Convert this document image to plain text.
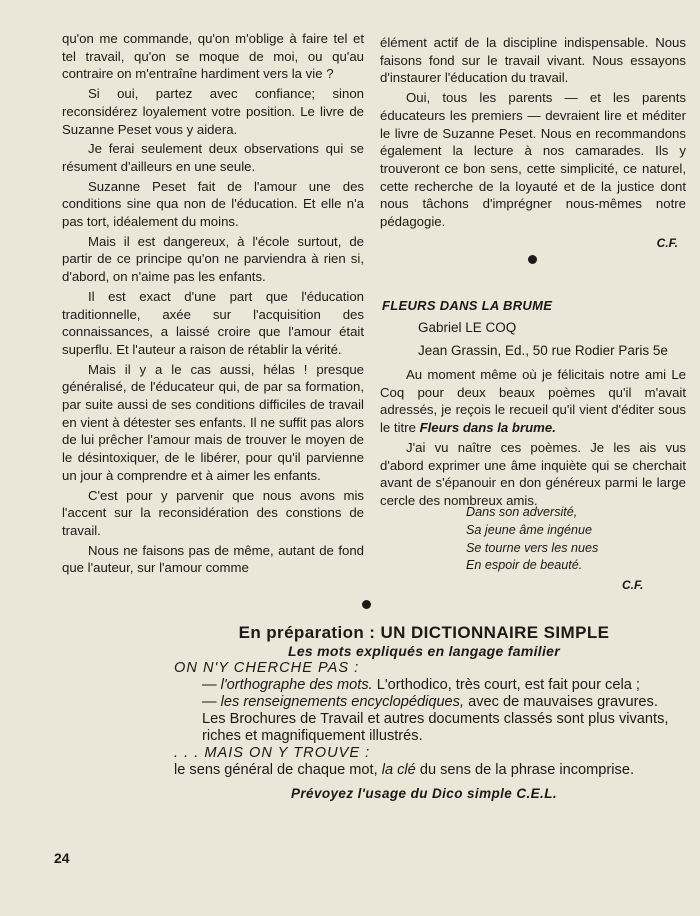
qu'on me commande, qu'on m'oblige à faire tel et tel travail, qu'on se moque de moi, ou qu'au contraire on m'entraîne hardiment vers la vie ?

Si oui, partez avec confiance; sinon reconsidérez loyalement votre position. Le livre de Suzanne Peset vous y aidera.

Je ferai seulement deux observations qui se résument d'ailleurs en une seule.

Suzanne Peset fait de l'amour une des conditions sine qua non de l'éducation. Et elle n'a pas tort, idéalement du moins.

Mais il est dangereux, à l'école surtout, de partir de ce principe qu'on ne parviendra à rien si, d'abord, on n'aime pas les enfants.

Il est exact d'une part que l'éducation traditionnelle, axée sur l'acquisition des connaissances, a laissé croire que l'amour était superflu. Et l'auteur a raison de rétablir la vérité.

Mais il y a le cas aussi, hélas ! presque généralisé, de l'éducateur qui, de par sa formation, par suite aussi de ses conditions difficiles de travail en vient à détester ses enfants. Il ne suffit pas alors de lui prêcher l'amour mais de trouver le moyen de le désintoxiquer, de le libérer, pour qu'il parvienne un jour à comprendre et à aimer les enfants.

C'est pour y parvenir que nous avons mis l'accent sur la reconsidération des constions de travail.

Nous ne faisons pas de même, autant de fond que l'auteur, sur l'amour comme

élément actif de la discipline indispensable. Nous faisons fond sur le travail vivant. Nous essayons d'instaurer l'éducation du travail.

Oui, tous les parents — et les parents éducateurs les premiers — devraient lire et méditer le livre de Suzanne Peset. Nous en recommandons également la lecture à nos camarades. Ils y trouveront ce bon sens, cette simplicité, ce naturel, cette recherche de la loyauté et de la justice dont nous tâchons d'imprégner nous-mêmes notre pédagogie.

C.F.
FLEURS DANS LA BRUME
Gabriel LE COQ
Jean Grassin, Ed., 50 rue Rodier Paris 5e

Au moment même où je félicitais notre ami Le Coq pour deux beaux poèmes qu'il m'avait adressés, je reçois le recueil qu'il vient d'éditer sous le titre Fleurs dans la brume.

J'ai vu naître ces poèmes. Je les ais vus d'abord exprimer une âme inquiète qui se cherchait avant de s'épanouir en don généreux parmi le large cercle des nombreux amis.

Dans son adversité,
Sa jeune âme ingénue
Se tourne vers les nues
En espoir de beauté.
C.F.
En préparation : UN DICTIONNAIRE SIMPLE
Les mots expliqués en langage familier
ON N'Y CHERCHE PAS :
— l'orthographe des mots. L'orthodico, très court, est fait pour cela ;
— les renseignements encyclopédiques, avec de mauvaises gravures. Les Brochures de Travail et autres documents classés sont plus vivants, riches et magnifiquement illustrés.
. . . MAIS ON Y TROUVE :
le sens général de chaque mot, la clé du sens de la phrase incomprise.
Prévoyez l'usage du Dico simple C.E.L.
24
